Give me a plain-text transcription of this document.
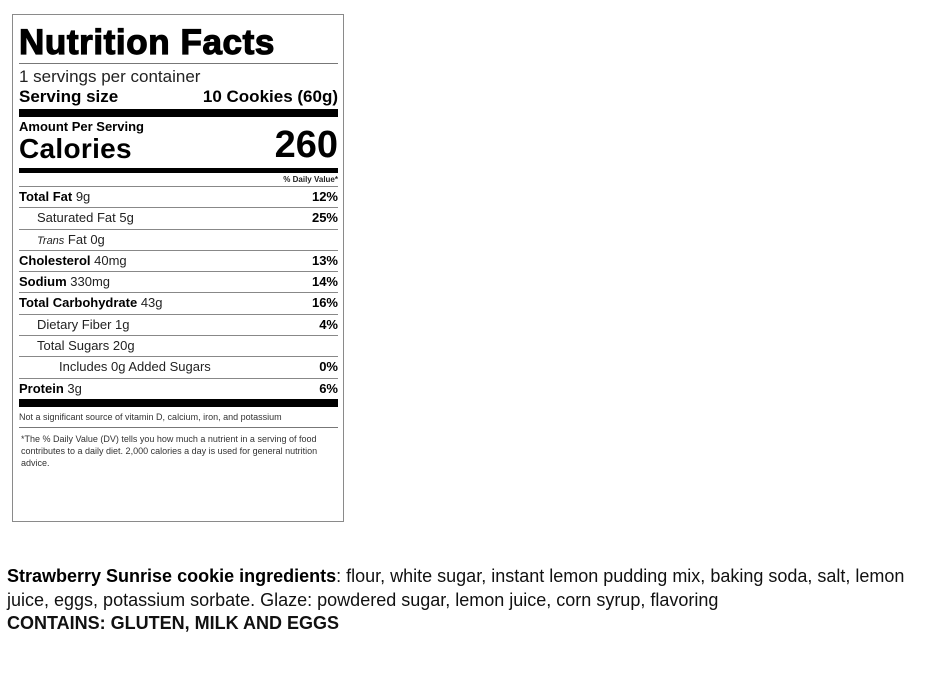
Nutrition Facts
1 servings per container
Serving size	10 Cookies (60g)
Amount Per Serving
Calories	260
% Daily Value*
Total Fat 9g	12%
Saturated Fat 5g	25%
Trans Fat 0g
Cholesterol 40mg	13%
Sodium 330mg	14%
Total Carbohydrate 43g	16%
Dietary Fiber 1g	4%
Total Sugars 20g
Includes 0g Added Sugars	0%
Protein 3g	6%
Not a significant source of vitamin D, calcium, iron, and potassium
*The % Daily Value (DV) tells you how much a nutrient in a serving of food contributes to a daily diet. 2,000 calories a day is used for general nutrition advice.
Strawberry Sunrise cookie ingredients: flour, white sugar, instant lemon pudding mix, baking soda, salt, lemon juice, eggs, potassium sorbate. Glaze: powdered sugar, lemon juice, corn syrup, flavoring
CONTAINS: GLUTEN, MILK AND EGGS
